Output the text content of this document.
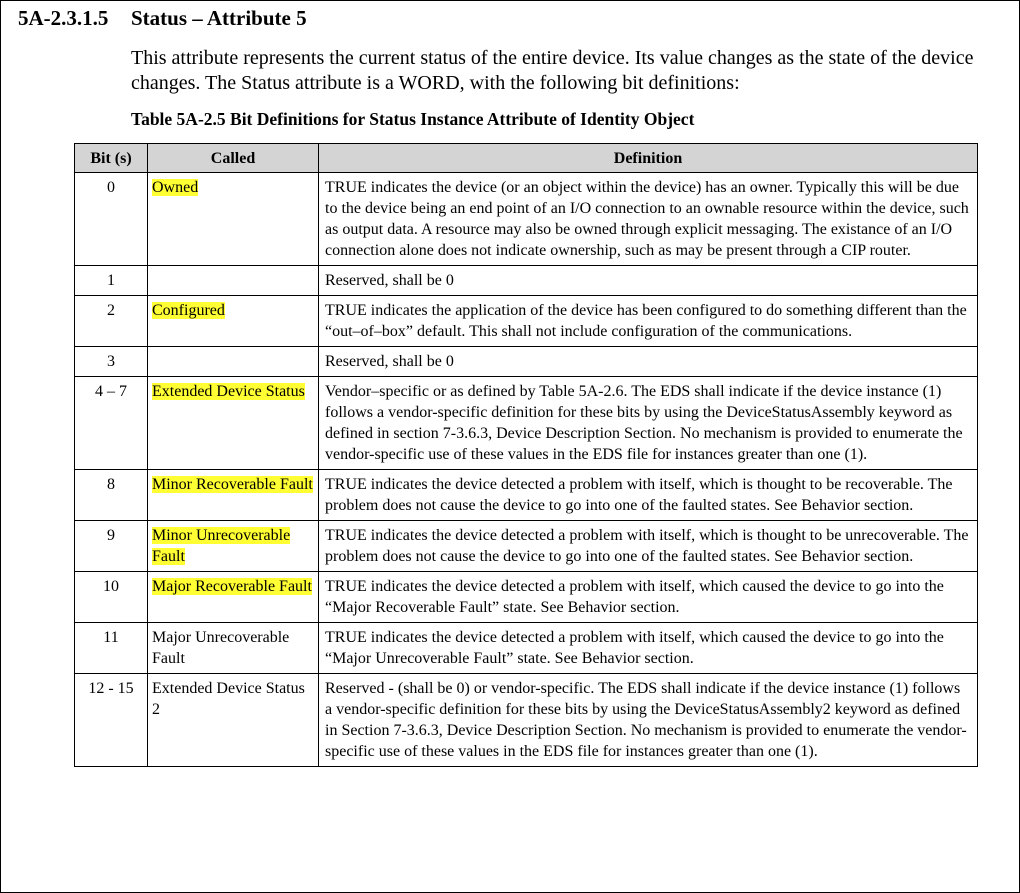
5A-2.3.1.5 Status – Attribute 5
This attribute represents the current status of the entire device. Its value changes as the state of the device changes. The Status attribute is a WORD, with the following bit definitions:
Table 5A-2.5 Bit Definitions for Status Instance Attribute of Identity Object
Bit (s)	Called	Definition
0	Owned	TRUE indicates the device (or an object within the device) has an owner. Typically this will be due to the device being an end point of an I/O connection to an ownable resource within the device, such as output data. A resource may also be owned through explicit messaging. The existance of an I/O connection alone does not indicate ownership, such as may be present through a CIP router.
1		Reserved, shall be 0
2	Configured	TRUE indicates the application of the device has been configured to do something different than the “out–of–box” default. This shall not include configuration of the communications.
3		Reserved, shall be 0
4 – 7	Extended Device Status	Vendor–specific or as defined by Table 5A-2.6. The EDS shall indicate if the device instance (1) follows a vendor-specific definition for these bits by using the DeviceStatusAssembly keyword as defined in section 7-3.6.3, Device Description Section. No mechanism is provided to enumerate the vendor-specific use of these values in the EDS file for instances greater than one (1).
8	Minor Recoverable Fault	TRUE indicates the device detected a problem with itself, which is thought to be recoverable. The problem does not cause the device to go into one of the faulted states. See Behavior section.
9	Minor Unrecoverable Fault	TRUE indicates the device detected a problem with itself, which is thought to be unrecoverable. The problem does not cause the device to go into one of the faulted states. See Behavior section.
10	Major Recoverable Fault	TRUE indicates the device detected a problem with itself, which caused the device to go into the “Major Recoverable Fault” state. See Behavior section.
11	Major Unrecoverable Fault	TRUE indicates the device detected a problem with itself, which caused the device to go into the “Major Unrecoverable Fault” state. See Behavior section.
12 - 15	Extended Device Status 2	Reserved - (shall be 0) or vendor-specific. The EDS shall indicate if the device instance (1) follows a vendor-specific definition for these bits by using the DeviceStatusAssembly2 keyword as defined in Section 7-3.6.3, Device Description Section. No mechanism is provided to enumerate the vendor-specific use of these values in the EDS file for instances greater than one (1).
